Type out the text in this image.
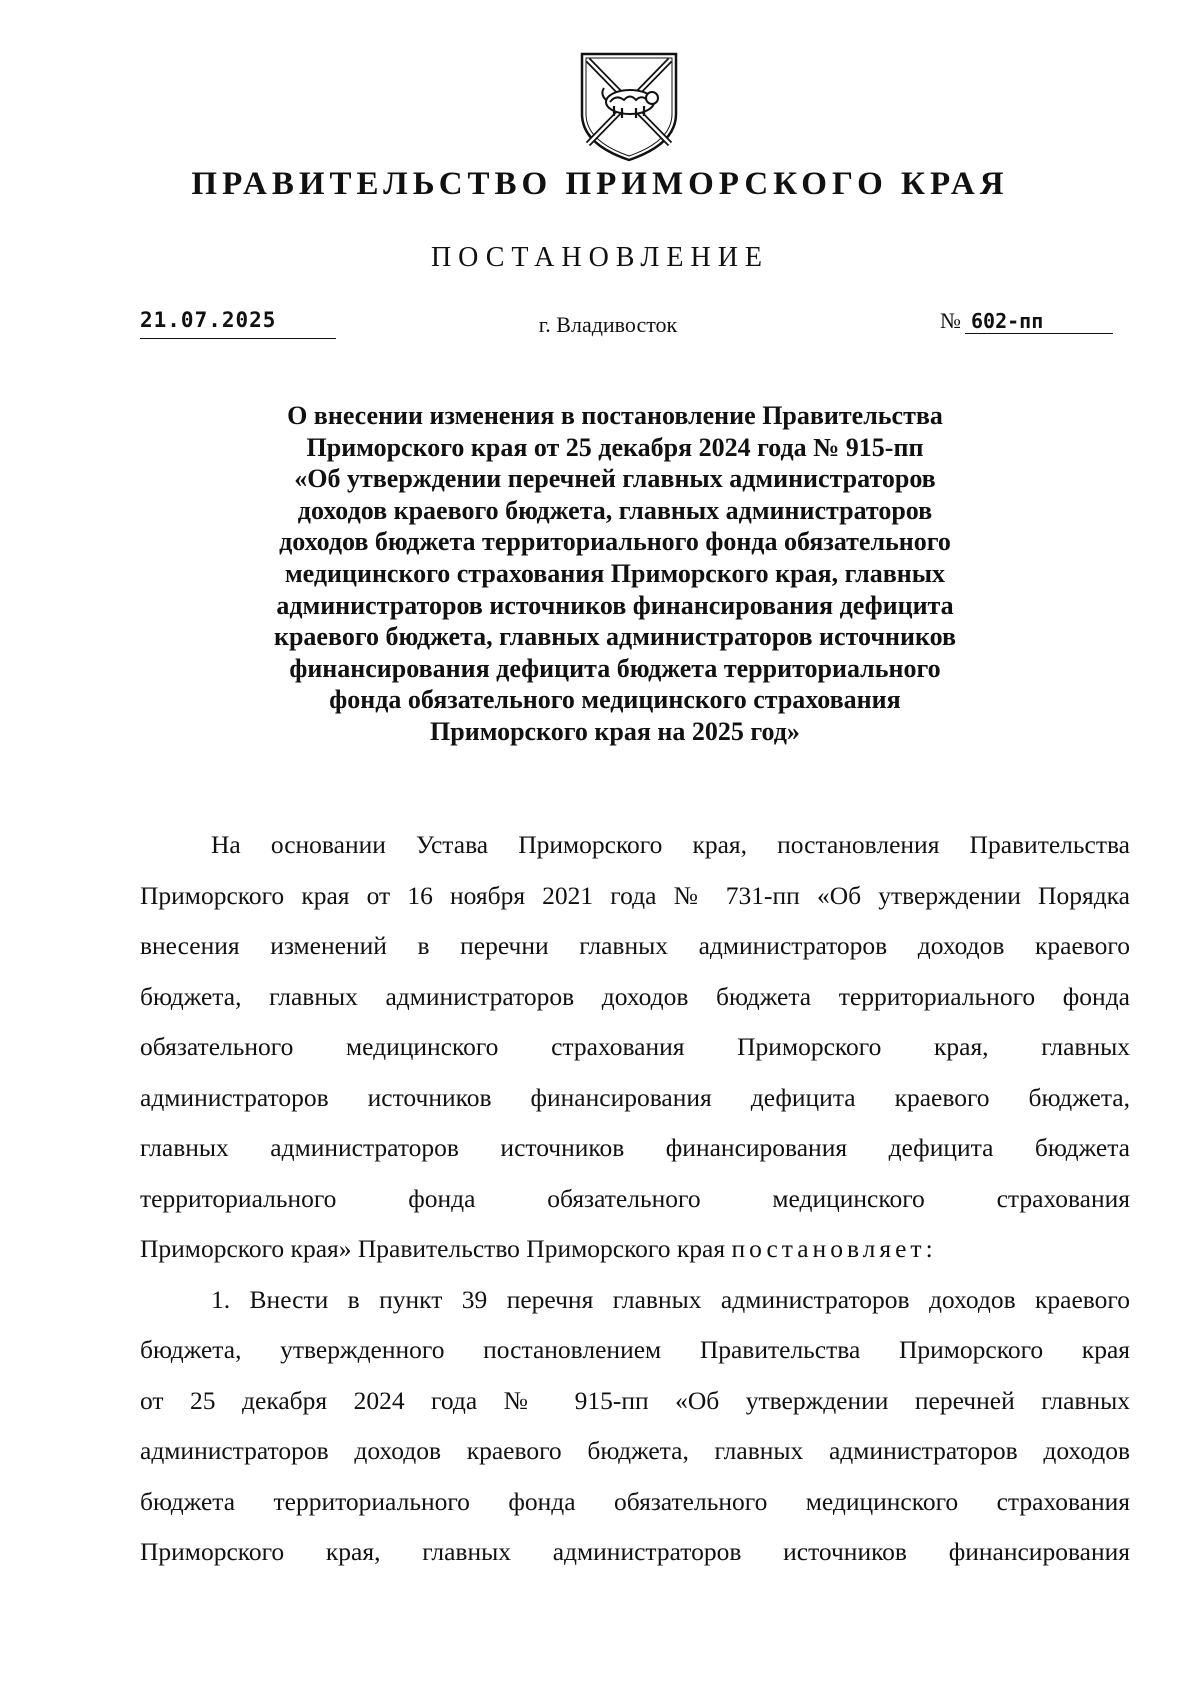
ПРАВИТЕЛЬСТВО ПРИМОРСКОГО КРАЯ
ПОСТАНОВЛЕНИЕ
21.07.2025	г. Владивосток	№ 602-пп
О внесении изменения в постановление Правительства
Приморского края от 25 декабря 2024 года № 915-пп
«Об утверждении перечней главных администраторов
доходов краевого бюджета, главных администраторов
доходов бюджета территориального фонда обязательного
медицинского страхования Приморского края, главных
администраторов источников финансирования дефицита
краевого бюджета, главных администраторов источников
финансирования дефицита бюджета территориального
фонда обязательного медицинского страхования
Приморского края на 2025 год»
На основании Устава Приморского края, постановления Правительства
Приморского края от 16 ноября 2021 года № 731-пп «Об утверждении Порядка
внесения изменений в перечни главных администраторов доходов краевого
бюджета, главных администраторов доходов бюджета территориального фонда
обязательного медицинского страхования Приморского края, главных
администраторов источников финансирования дефицита краевого бюджета,
главных администраторов источников финансирования дефицита бюджета
территориального фонда обязательного медицинского страхования
Приморского края» Правительство Приморского края постановляет:
1. Внести в пункт 39 перечня главных администраторов доходов краевого
бюджета, утвержденного постановлением Правительства Приморского края
от 25 декабря 2024 года № 915-пп «Об утверждении перечней главных
администраторов доходов краевого бюджета, главных администраторов доходов
бюджета территориального фонда обязательного медицинского страхования
Приморского края, главных администраторов источников финансирования
